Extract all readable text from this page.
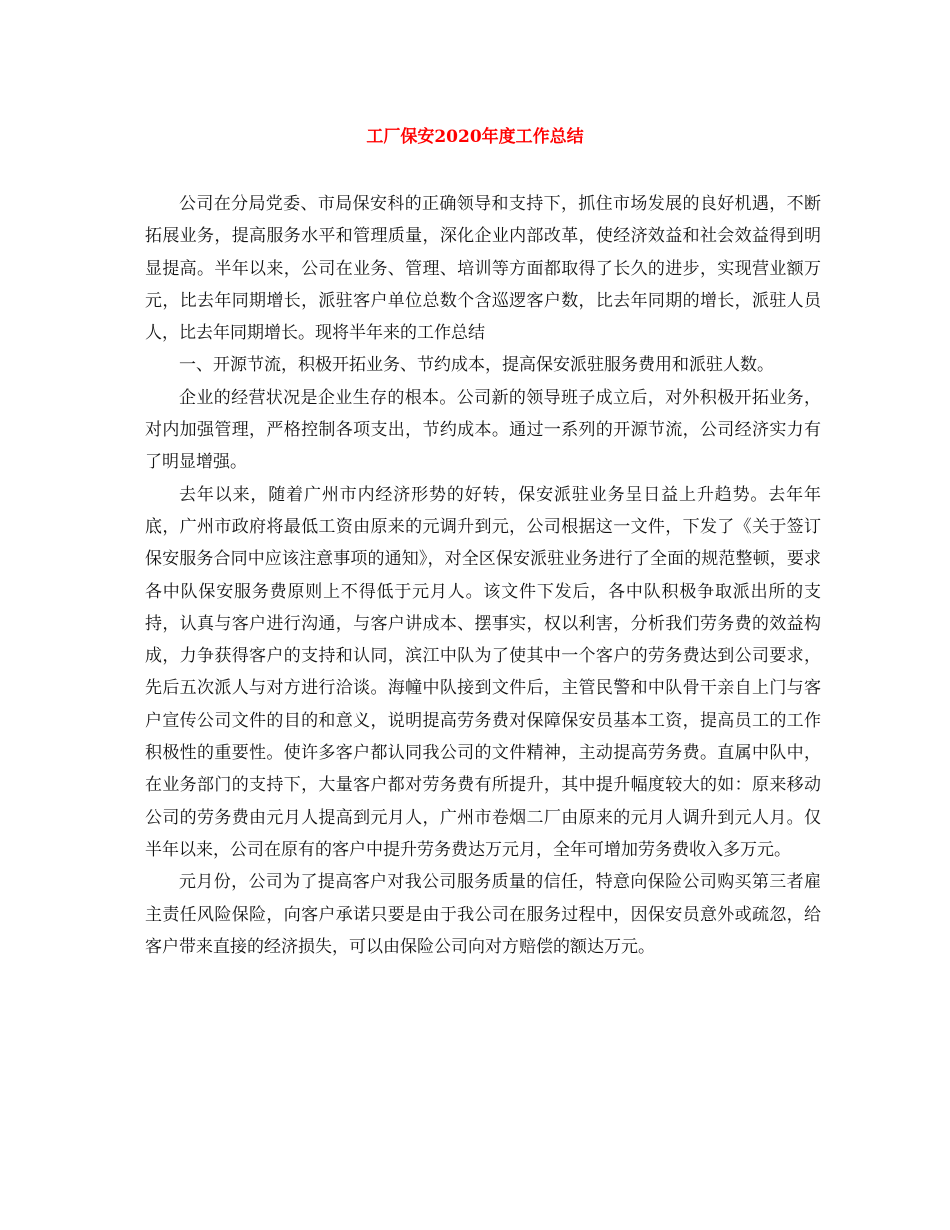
工厂保安2020年度工作总结

公司在分局党委、市局保安科的正确领导和支持下，抓住市场发展的良好机遇，不断拓展业务，提高服务水平和管理质量，深化企业内部改革，使经济效益和社会效益得到明显提高。半年以来，公司在业务、管理、培训等方面都取得了长久的进步，实现营业额万元，比去年同期增长，派驻客户单位总数个含巡逻客户数，比去年同期的增长，派驻人员人，比去年同期增长。现将半年来的工作总结

一、开源节流，积极开拓业务、节约成本，提高保安派驻服务费用和派驻人数。

企业的经营状况是企业生存的根本。公司新的领导班子成立后，对外积极开拓业务，对内加强管理，严格控制各项支出，节约成本。通过一系列的开源节流，公司经济实力有了明显增强。

去年以来，随着广州市内经济形势的好转，保安派驻业务呈日益上升趋势。去年年底，广州市政府将最低工资由原来的元调升到元，公司根据这一文件，下发了《关于签订保安服务合同中应该注意事项的通知》，对全区保安派驻业务进行了全面的规范整顿，要求各中队保安服务费原则上不得低于元月人。该文件下发后，各中队积极争取派出所的支持，认真与客户进行沟通，与客户讲成本、摆事实，权以利害，分析我们劳务费的效益构成，力争获得客户的支持和认同，滨江中队为了使其中一个客户的劳务费达到公司要求，先后五次派人与对方进行洽谈。海幢中队接到文件后，主管民警和中队骨干亲自上门与客户宣传公司文件的目的和意义，说明提高劳务费对保障保安员基本工资，提高员工的工作积极性的重要性。使许多客户都认同我公司的文件精神，主动提高劳务费。直属中队中，在业务部门的支持下，大量客户都对劳务费有所提升，其中提升幅度较大的如：原来移动公司的劳务费由元月人提高到元月人，广州市卷烟二厂由原来的元月人调升到元人月。仅半年以来，公司在原有的客户中提升劳务费达万元月，全年可增加劳务费收入多万元。

元月份，公司为了提高客户对我公司服务质量的信任，特意向保险公司购买第三者雇主责任风险保险，向客户承诺只要是由于我公司在服务过程中，因保安员意外或疏忽，给客户带来直接的经济损失，可以由保险公司向对方赔偿的额达万元。
